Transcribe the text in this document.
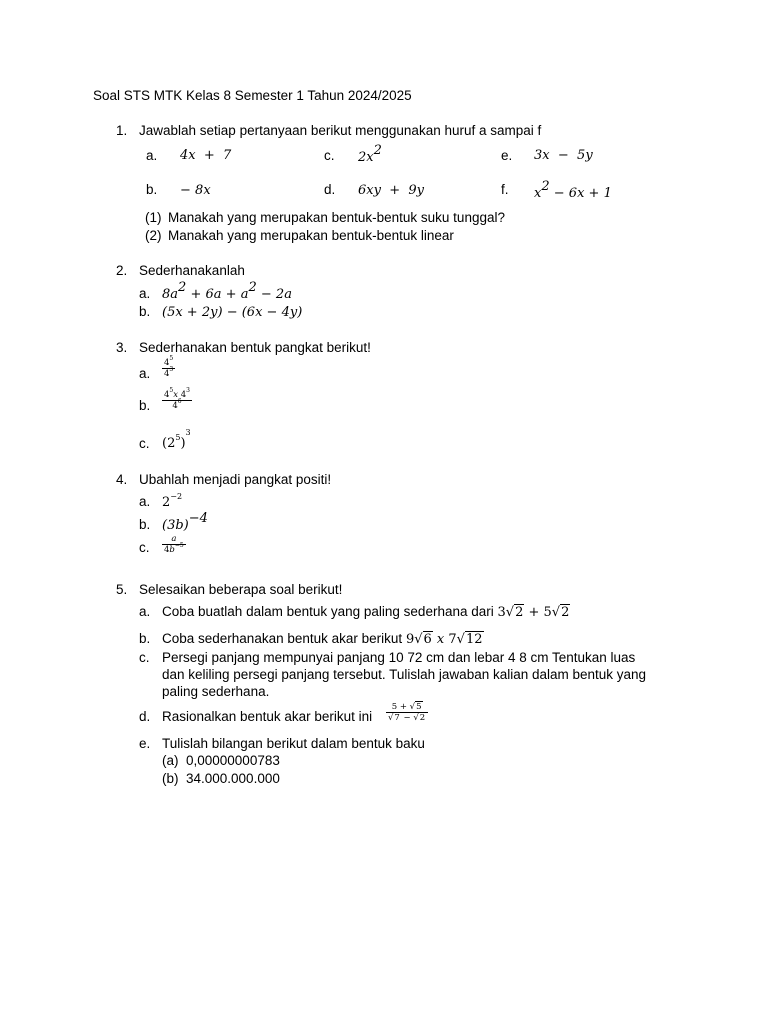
Soal STS MTK Kelas 8 Semester 1 Tahun 2024/2025
1. Jawablah setiap pertanyaan berikut menggunakan huruf a sampai f
a. 4x  +  7	c. $2x^2$	e. 3x  −  5y
b. − 8x	d. 6xy  +  9y	f. $x^2 - 6x + 1$
(1) Manakah yang merupakan bentuk-bentuk suku tunggal?
(2) Manakah yang merupakan bentuk-bentuk linear
2. Sederhanakanlah
a. $8a^2 + 6a + a^2 - 2a$
b. (5x + 2y) − (6x − 4y)
3. Sederhanakan bentuk pangkat berikut!
a. $\frac{4^5}{4^3}$
b. $\frac{4^5x 4^3}{4^6}$
c. $(2^5)^3$
4. Ubahlah menjadi pangkat positi!
a. $2^{-2}$
b. $(3b)^{-4}$
c. $\frac{a}{4b^{-5}}$
5. Selesaikan beberapa soal berikut!
a. Coba buatlah dalam bentuk yang paling sederhana dari 3√2 + 5√2
b. Coba sederhanakan bentuk akar berikut 9√6 x 7√12
c. Persegi panjang mempunyai panjang 10 72 cm dan lebar 4 8 cm Tentukan luas
dan keliling persegi panjang tersebut. Tulislah jawaban kalian dalam bentuk yang
paling sederhana.
d. Rasionalkan bentuk akar berikut ini $\frac{5 + √5}{√7 - √2}$
e. Tulislah bilangan berikut dalam bentuk baku
(a) 0,00000000783
(b) 34.000.000.000
